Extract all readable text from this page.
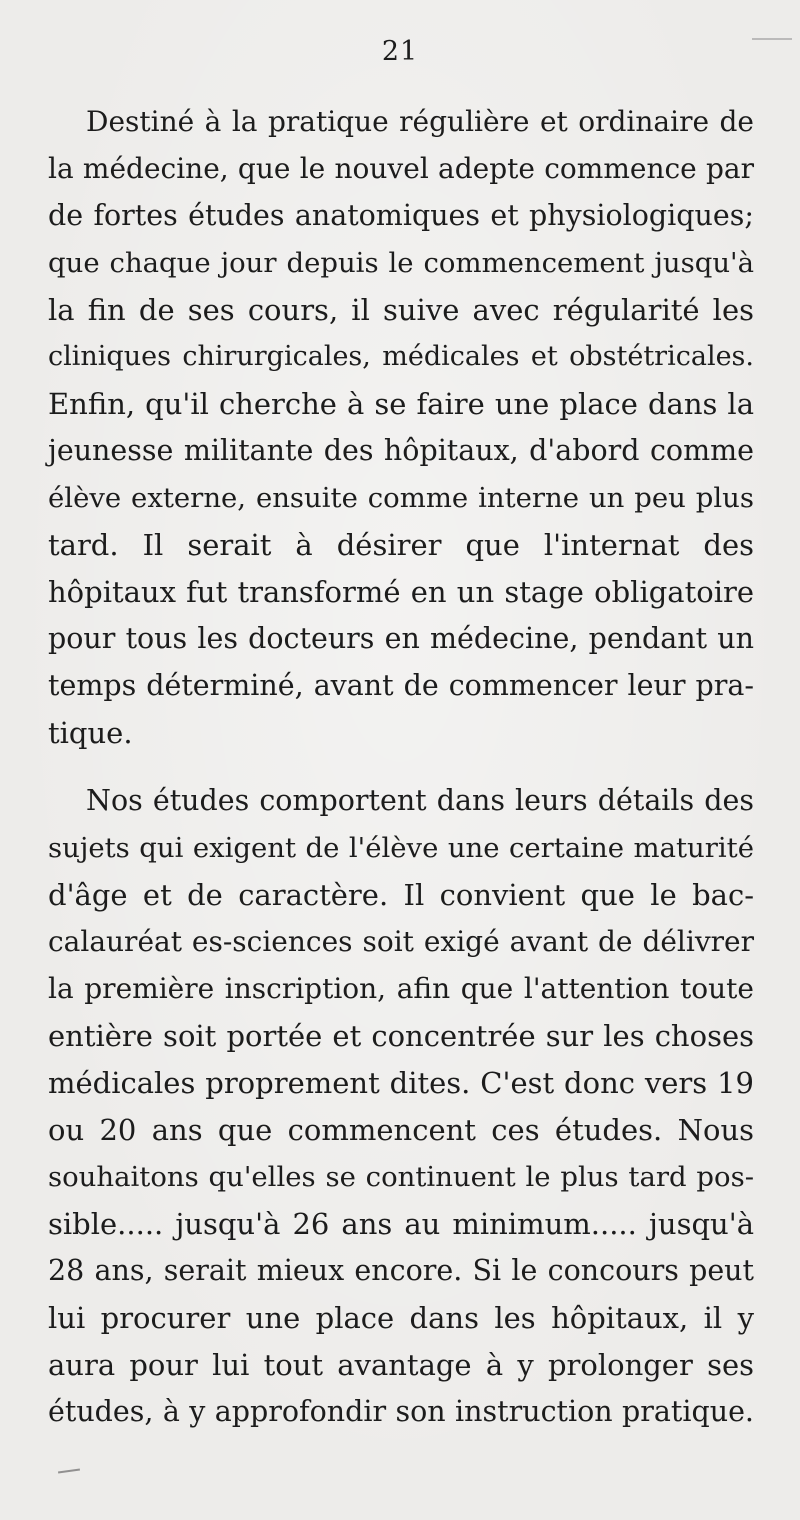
21
Destiné à la pratique régulière et ordinaire de
la médecine, que le nouvel adepte commence par
de fortes études anatomiques et physiologiques;
que chaque jour depuis le commencement jusqu'à
la fin de ses cours, il suive avec régularité les
cliniques chirurgicales, médicales et obstétricales.
Enfin, qu'il cherche à se faire une place dans la
jeunesse militante des hôpitaux, d'abord comme
élève externe, ensuite comme interne un peu plus
tard. Il serait à désirer que l'internat des
hôpitaux fut transformé en un stage obligatoire
pour tous les docteurs en médecine, pendant un
temps déterminé, avant de commencer leur pra-
tique.
Nos études comportent dans leurs détails des
sujets qui exigent de l'élève une certaine maturité
d'âge et de caractère. Il convient que le bac-
calauréat es-sciences soit exigé avant de délivrer
la première inscription, afin que l'attention toute
entière soit portée et concentrée sur les choses
médicales proprement dites. C'est donc vers 19
ou 20 ans que commencent ces études. Nous
souhaitons qu'elles se continuent le plus tard pos-
sible..... jusqu'à 26 ans au minimum..... jusqu'à
28 ans, serait mieux encore. Si le concours peut
lui procurer une place dans les hôpitaux, il y
aura pour lui tout avantage à y prolonger ses
études, à y approfondir son instruction pratique.
